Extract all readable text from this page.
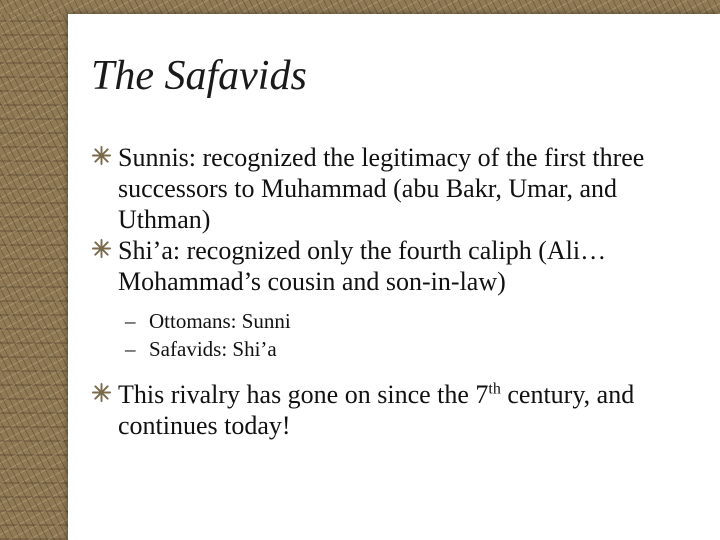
The Safavids
Sunnis: recognized the legitimacy of the first three successors to Muhammad (abu Bakr, Umar, and Uthman)
Shi’a: recognized only the fourth caliph (Ali…Mohammad’s cousin and son-in-law)
– Ottomans: Sunni
– Safavids: Shi’a
This rivalry has gone on since the 7th century, and continues today!
